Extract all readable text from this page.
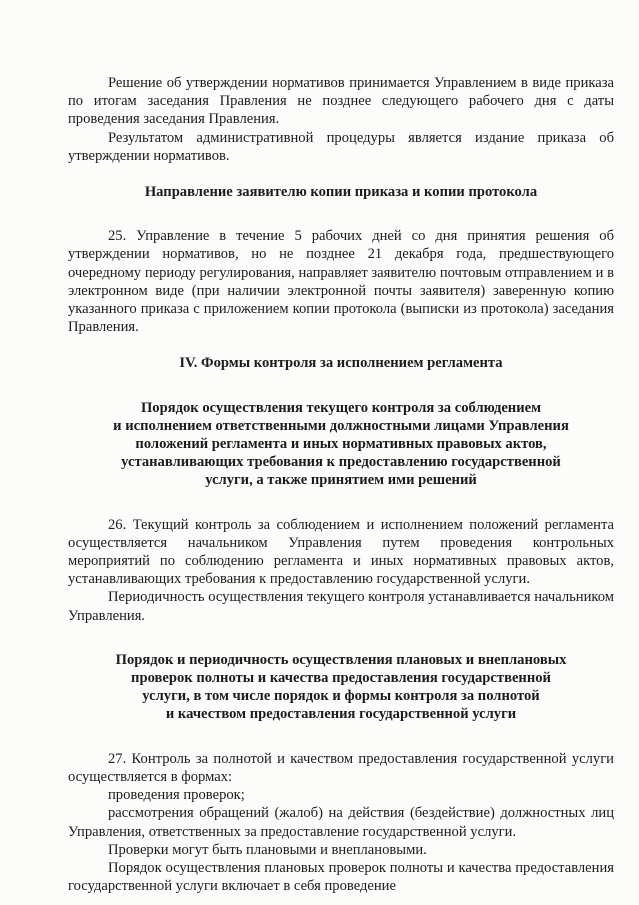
Решение об утверждении нормативов принимается Управлением в виде приказа по итогам заседания Правления не позднее следующего рабочего дня с даты проведения заседания Правления.

Результатом административной процедуры является издание приказа об утверждении нормативов.

Направление заявителю копии приказа и копии протокола

25. Управление в течение 5 рабочих дней со дня принятия решения об утверждении нормативов, но не позднее 21 декабря года, предшествующего очередному периоду регулирования, направляет заявителю почтовым отправлением и в электронном виде (при наличии электронной почты заявителя) заверенную копию указанного приказа с приложением копии протокола (выписки из протокола) заседания Правления.

IV. Формы контроля за исполнением регламента

Порядок осуществления текущего контроля за соблюдением
и исполнением ответственными должностными лицами Управления
положений регламента и иных нормативных правовых актов,
устанавливающих требования к предоставлению государственной
услуги, а также принятием ими решений

26. Текущий контроль за соблюдением и исполнением положений регламента осуществляется начальником Управления путем проведения контрольных мероприятий по соблюдению регламента и иных нормативных правовых актов, устанавливающих требования к предоставлению государственной услуги.

Периодичность осуществления текущего контроля устанавливается начальником Управления.

Порядок и периодичность осуществления плановых и внеплановых
проверок полноты и качества предоставления государственной
услуги, в том числе порядок и формы контроля за полнотой
и качеством предоставления государственной услуги

27. Контроль за полнотой и качеством предоставления государственной услуги осуществляется в формах:

проведения проверок;

рассмотрения обращений (жалоб) на действия (бездействие) должностных лиц Управления, ответственных за предоставление государственной услуги.

Проверки могут быть плановыми и внеплановыми.

Порядок осуществления плановых проверок полноты и качества предоставления государственной услуги включает в себя проведение
